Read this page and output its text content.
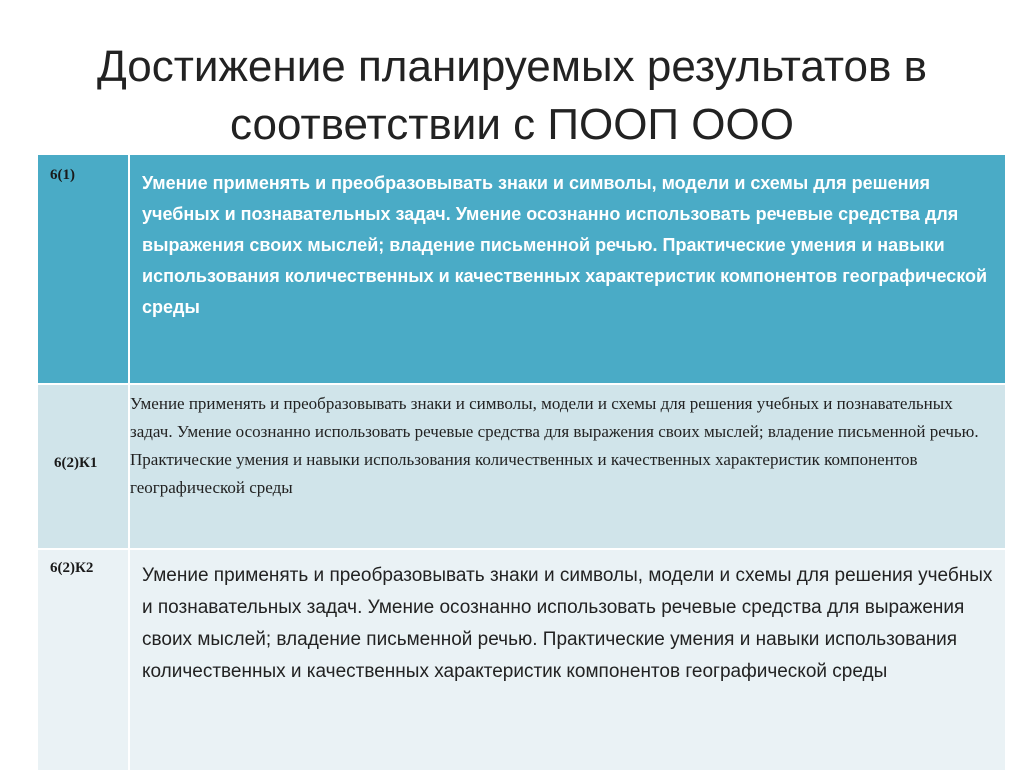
Достижение планируемых результатов в
соответствии с ПООП ООО
6(1)	Умение применять и преобразовывать знаки и символы, модели и схемы для решения учебных и познавательных задач. Умение осознанно использовать речевые средства для выражения своих мыслей; владение письменной речью. Практические умения и навыки использования количественных и качественных характеристик компонентов географической среды

6(2)К1	Умение применять и преобразовывать знаки и символы, модели и схемы для решения учебных и познавательных задач. Умение осознанно использовать речевые средства для выражения своих мыслей; владение письменной речью. Практические умения и навыки использования количественных и качественных характеристик компонентов географической среды

6(2)К2	Умение применять и преобразовывать знаки и символы, модели и схемы для решения учебных и познавательных задач. Умение осознанно использовать речевые средства для выражения своих мыслей; владение письменной речью. Практические умения и навыки использования количественных и качественных характеристик компонентов географической среды
